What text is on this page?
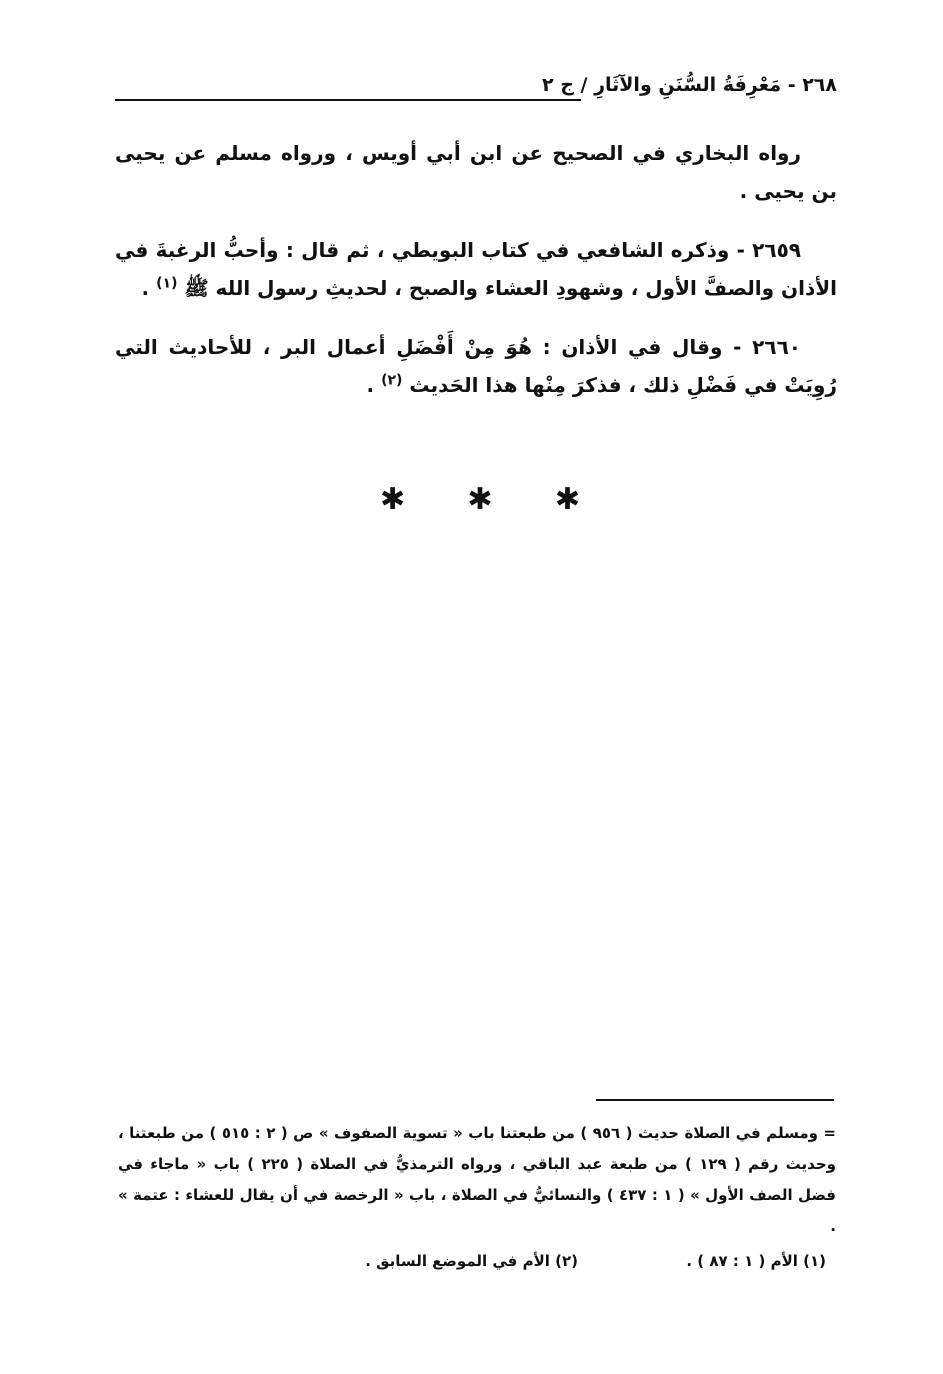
٢٦٨ - مَعْرِفَةُ السُّنَنِ والآثَارِ / ج ٢

رواه البخاري في الصحيح عن ابن أبي أويس ، ورواه مسلم عن يحيى بن يحيى .

٢٦٥٩ - وذكره الشافعي في كتاب البويطي ، ثم قال : وأحبُّ الرغبةَ في الأذان والصفَّ الأول ، وشهودِ العشاء والصبح ، لحديثِ رسول الله ﷺ $^{(١)}$ .

٢٦٦٠ - وقال في الأذان : هُوَ مِنْ أَفْضَلِ أعمال البر ، للأحاديث التي رُوِيَتْ في فَضْلِ ذلك ، فذكرَ مِنْها هذا الحَديث $^{(٢)}$ .

✱ ✱ ✱

= ومسلم في الصلاة حديث ( ٩٥٦ ) من طبعتنا باب « تسوية الصفوف » ص ( ٢ : ٥١٥ ) من طبعتنا ، وحديث رقم ( ١٢٩ ) من طبعة عبد الباقي ، ورواه الترمذيُّ في الصلاة ( ٢٢٥ ) باب « ماجاء في فضل الصف الأول » ( ١ : ٤٣٧ ) والنسائيُّ في الصلاة ، باب « الرخصة في أن يقال للعشاء : عتمة » .

(١) الأم ( ١ : ٨٧ ) .
(٢) الأم في الموضع السابق .
